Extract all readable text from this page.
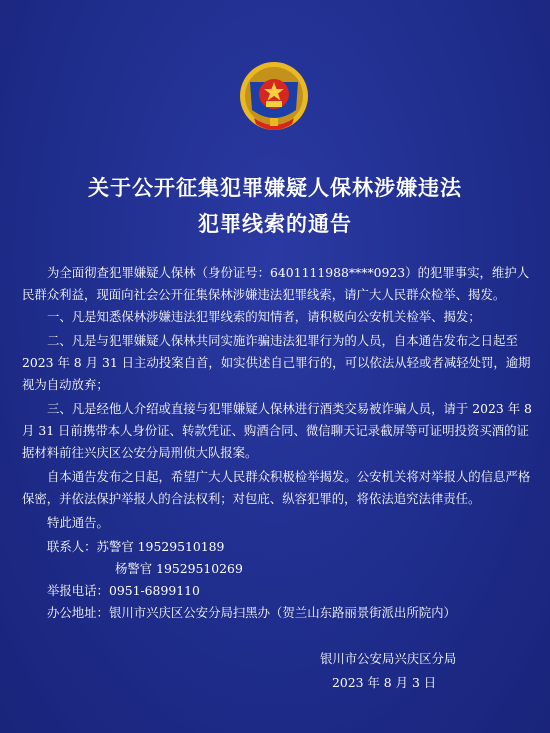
关于公开征集犯罪嫌疑人保林涉嫌违法
犯罪线索的通告
为全面彻查犯罪嫌疑人保林（身份证号：6401111988****0923）的犯罪事实，维护人民群众利益，现面向社会公开征集保林涉嫌违法犯罪线索，请广大人民群众检举、揭发。
一、凡是知悉保林涉嫌违法犯罪线索的知情者，请积极向公安机关检举、揭发；
二、凡是与犯罪嫌疑人保林共同实施诈骗违法犯罪行为的人员，自本通告发布之日起至 2023 年 8 月 31 日主动投案自首，如实供述自己罪行的，可以依法从轻或者减轻处罚，逾期视为自动放弃；
三、凡是经他人介绍或直接与犯罪嫌疑人保林进行酒类交易被诈骗人员，请于 2023 年 8 月 31 日前携带本人身份证、转款凭证、购酒合同、微信聊天记录截屏等可证明投资买酒的证据材料前往兴庆区公安分局刑侦大队报案。
自本通告发布之日起，希望广大人民群众积极检举揭发。公安机关将对举报人的信息严格保密，并依法保护举报人的合法权利；对包庇、纵容犯罪的，将依法追究法律责任。
特此通告。
联系人：苏警官 19529510189
杨警官 19529510269
举报电话：0951-6899110
办公地址：银川市兴庆区公安分局扫黑办（贺兰山东路丽景街派出所院内）
银川市公安局兴庆区分局
2023 年 8 月 3 日
